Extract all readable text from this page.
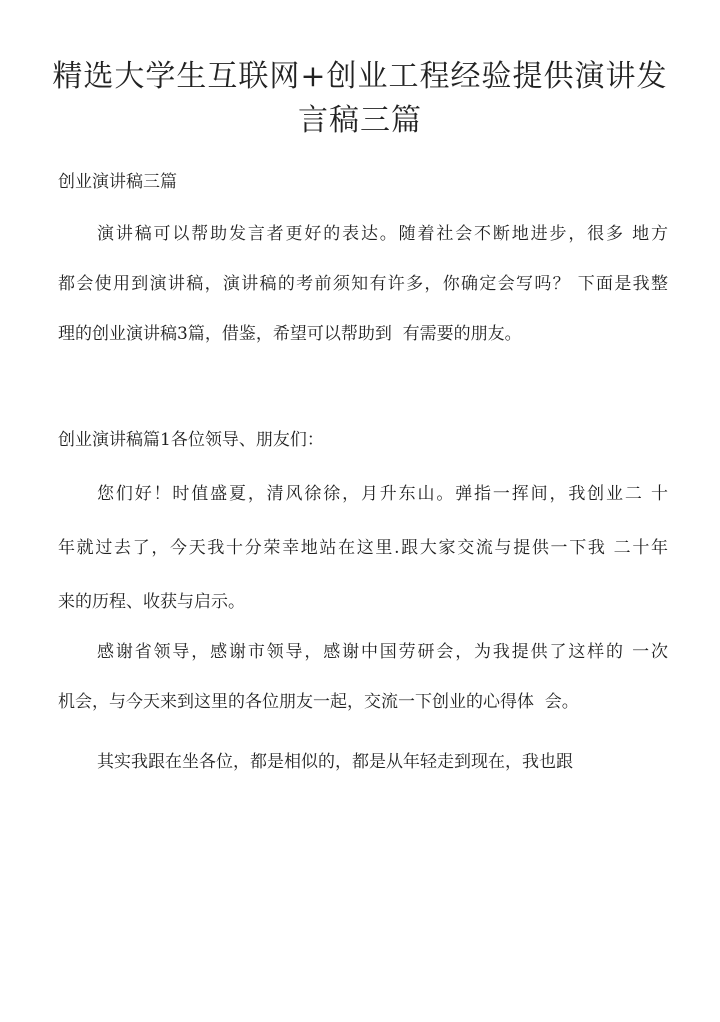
精选大学生互联网+创业工程经验提供演讲发
言稿三篇
创业演讲稿三篇
演讲稿可以帮助发言者更好的表达。随着社会不断地进步，很多 地方
都会使用到演讲稿，演讲稿的考前须知有许多，你确定会写吗？ 下面是我整
理的创业演讲稿3篇，借鉴，希望可以帮助到  有需要的朋友。
创业演讲稿篇1各位领导、朋友们：
您们好！时值盛夏，清风徐徐，月升东山。弹指一挥间，我创业二 十
年就过去了，今天我十分荣幸地站在这里.跟大家交流与提供一下我 二十年
来的历程、收获与启示。
感谢省领导，感谢市领导，感谢中国劳研会，为我提供了这样的 一次
机会，与今天来到这里的各位朋友一起，交流一下创业的心得体  会。
其实我跟在坐各位，都是相似的，都是从年轻走到现在，我也跟
